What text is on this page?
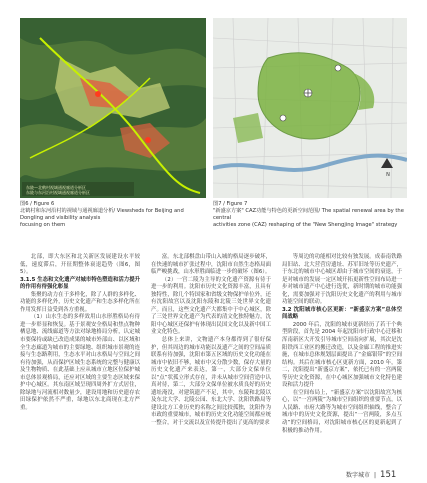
东陵—北鹤村视域通视廊道分析区
东陵与东河沿村视域通视廊道分析区
N
图6 / Figure 6
北鹤村和东河沿村的视域与通视廊道分析/ Viewsheds for Beijing and Dongling and visibility analysis
focusing on them
图7 / Figure 7
"新盛京方案" CAZ功能与特色的更新空间范围/ The spatial renewal area by the central
activities zone (CAZ) reshaping of the "New Shengjing Image" strategy

北部，即大东区和北关新区发展建设水平较低，速度滞后，开征期整体衰退趋势（图6，图5）。

3.1.5 生态和文化遗产对城市特色塑造和活力提升的作用有待强化彰显

集聚的动力在于多样化，除了人群的多样化、功能的多样化外，历史文化遗产和生态多样化所在作用发挥日益受到各方重视。

（1）山水生态的多样效用山水形胜格局有待进一步彰显和恢复。基于景观安全格局和焦点物种栖息地、流线廊道等方法对绿地格局分析，认定城市要保持或缺已改造成果的城市外部山、以区域和全生态廊道为城市的主要绿地、组织城市景观的连接与生态路利用，生态水平对山水格局与空间之间有待加强，从而保护区域生态系统的完整与健康以及生物物质、在此基础上应从城市立地区位保护城市总体景观格局，还应对区域的主要生态区域来保护中心城区。其东南区域呈现四周外扩方式居住，除绿地与河流相对数量少，建设用地和历史遗存农田绿保护依然不严重，绿地以东北商现在北方严重。

富。东北部棋盘山带山入城的格局逐步破坏，在快速的城市扩张过程中，沈阳市自然生态格局面临严峻挑战，山水形胜面临进一步的破坏（图6）。

（2）一宫二陵为主导的文化遗产资源有待于进一步的利用。沈阳市历史文化资源丰富，且具有独特性，除几个特国家和省级文物保护单位外，还有沈阳故宫以及沈阳东陵和北陵三处世界文化遗产。而且，这些文化遗产大都集中于中心城区，除了三处世界文化遗产为代表的清文化独特魅力，沈阳中心城区还保护有体现出民国文化以及新中国工业文化特色。

总体上来讲，文物遗产本身都得到了很好保护，但其周边的城市功能以及遗产之间的空间品质联系有待加强，沈阳市第五区域的历史文化功能在城市中依旧不够，城市中又分散少数，保存大量的历史文化遗产来表达，第一，大部分文保单位以“点”状孤立形式存在，并未从城市空间营造中认真对待，第二，大部分文保单位被水质良好的历史遗址淹没，对建筑遗产不足，其中，东陵和北陵以及东北大学、北陵公园、东北大学、沈阳铁路局等建设北方工业历史的名称之间比较孤独，沈阳作为市政的重要城市，城市的历史文化功能空间都应统一整合，对于交流以及宣传提升提出了更高的要求

等周边的功能相对比较有独发展。成泰南铁路局旧站、北大营营房遗址、苏军旧址等历史遗产，于东北的城市中心城区却由于城市空间的衰退，于是对城市的发展一定区域开拓更新性空间布局进一步对城市遗产中心进行选优，新时期的城市功能强化，需要加强对于沈阳历史文化遗产的利用与城市功能空间的联动。

3.2 沈阳城市核心区更新：“新盛京方案”总体空间战略

2000 年后，沈阳的城市更新经历了若干个典型阶段，首先是 2004 年起沈阳市行政中心迁移和浑南新区大开发引导城市空间南向扩展，其次是沈阳铁西工业区的搬迁改造，以及金廊工程的推进实施，在城市总体规划层面提出了“金廊银带”的空间结构。其后在城市核心区更新方面，2010 年，第二，沈阳提出“新盛京方案”，依托已有的一宫两陵等历史文化资源，在中心城区加强城市文化特色建设和活力提升

在空间布局上，“新盛京方案”以沈阳故宫为核心，以“一宫两陵”为城市空间组织的重要节点，以人民路、市府大路等为城市空间组织轴线，整合了城市中的历史文化资源，提出“一宫两陵，多点互动”的空间格局，对沈阳城市核心区的更新起到了积极的推动作用。

数字城市 | 151
